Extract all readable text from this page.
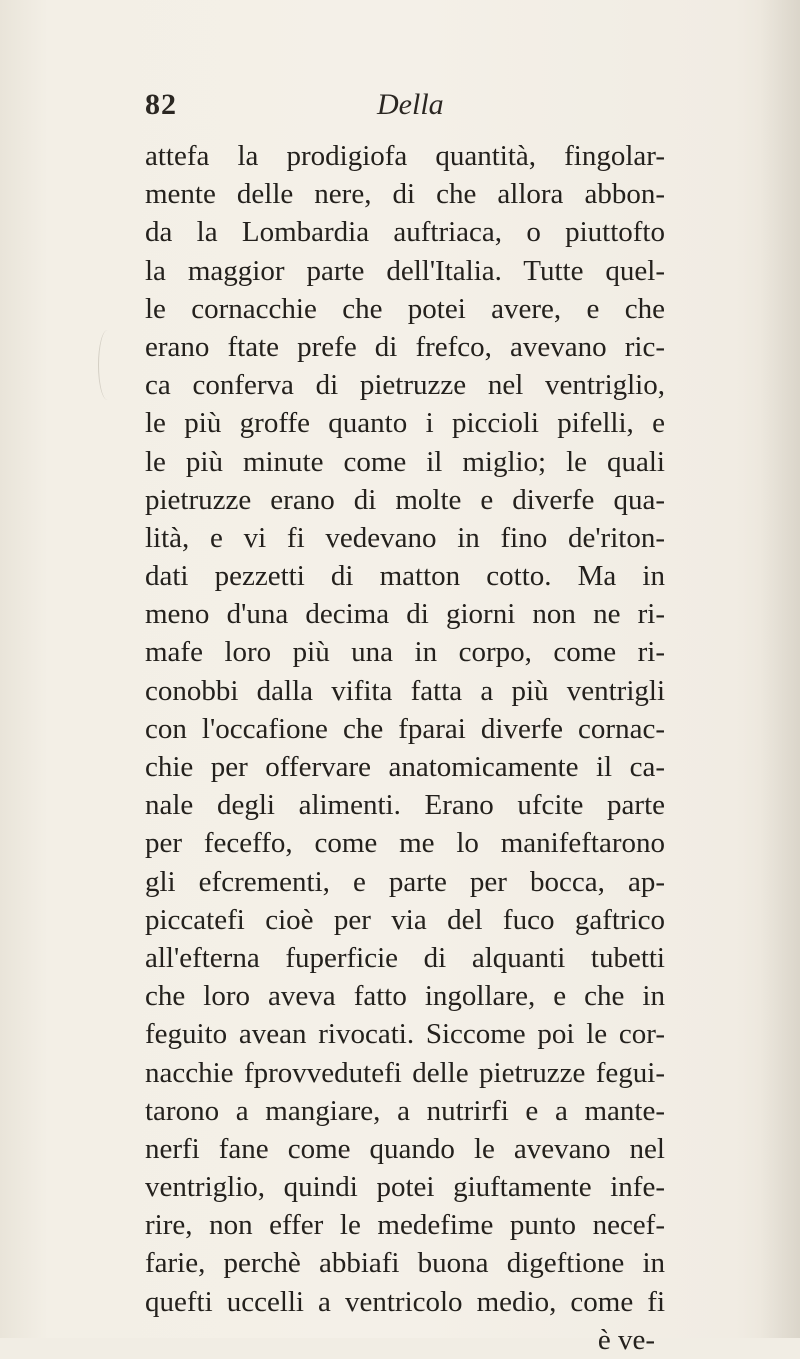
82	Della
attefa la prodigiofa quantità, fingolar-
mente delle nere, di che allora abbon-
da la Lombardia auftriaca, o piuttofto
la maggior parte dell'Italia. Tutte quel-
le cornacchie che potei avere, e che
erano ftate prefe di frefco, avevano ric-
ca conferva di pietruzze nel ventriglio,
le più groffe quanto i piccioli pifelli, e
le più minute come il miglio; le quali
pietruzze erano di molte e diverfe qua-
lità, e vi fi vedevano in fino de'riton-
dati pezzetti di matton cotto. Ma in
meno d'una decima di giorni non ne ri-
mafe loro più una in corpo, come ri-
conobbi dalla vifita fatta a più ventrigli
con l'occafione che fparai diverfe cornac-
chie per offervare anatomicamente il ca-
nale degli alimenti. Erano ufcite parte
per feceffo, come me lo manifeftarono
gli efcrementi, e parte per bocca, ap-
piccatefi cioè per via del fuco gaftrico
all'efterna fuperficie di alquanti tubetti
che loro aveva fatto ingollare, e che in
feguito avean rivocati. Siccome poi le cor-
nacchie fprovvedutefi delle pietruzze fegui-
tarono a mangiare, a nutrirfi e a mante-
nerfi fane come quando le avevano nel
ventriglio, quindi potei giuftamente infe-
rire, non effer le medefime punto necef-
farie, perchè abbiafi buona digeftione in
quefti uccelli a ventricolo medio, come fi
è ve-
